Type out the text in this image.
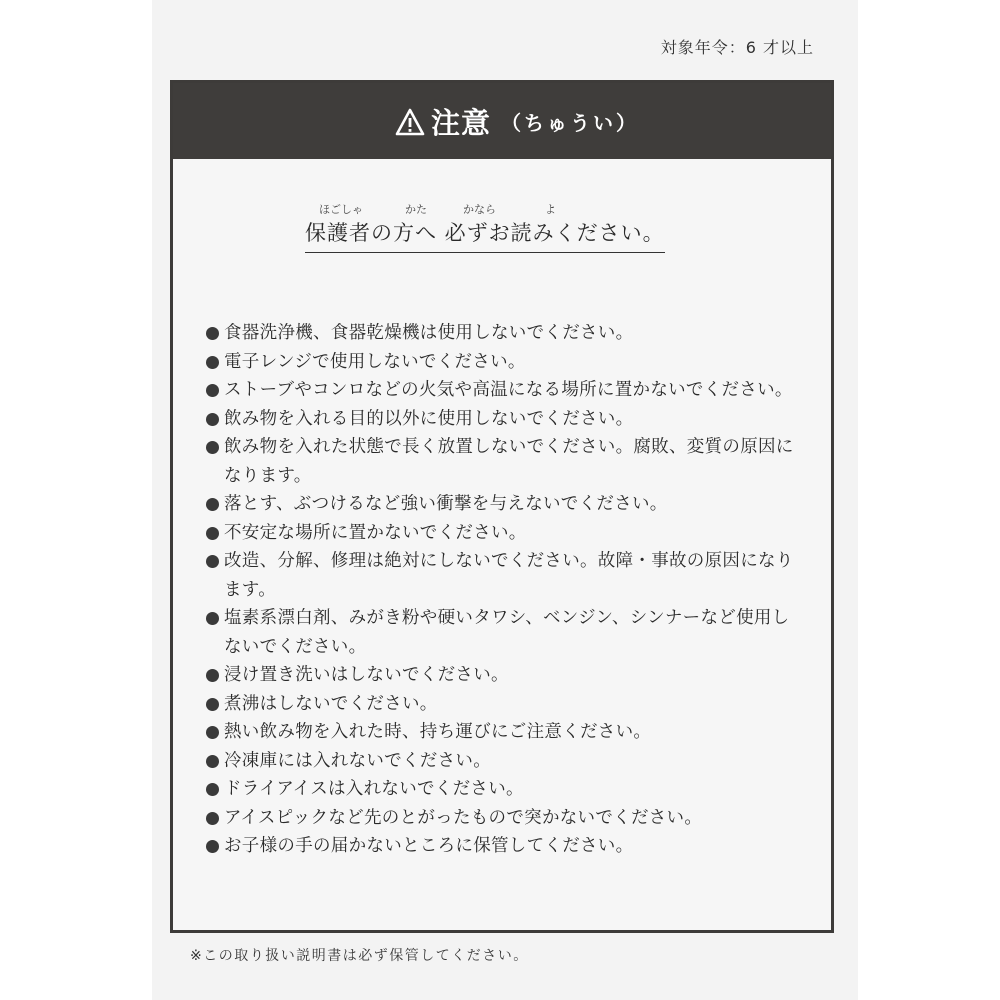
対象年令：6 才以上
注意 （ちゅうい）
ほごしゃ	かた	かなら	よ
保護者の方へ 必ずお読みください。
食器洗浄機、食器乾燥機は使用しないでください。
電子レンジで使用しないでください。
ストーブやコンロなどの火気や高温になる場所に置かないでください。
飲み物を入れる目的以外に使用しないでください。
飲み物を入れた状態で長く放置しないでください。腐敗、変質の原因になります。
落とす、ぶつけるなど強い衝撃を与えないでください。
不安定な場所に置かないでください。
改造、分解、修理は絶対にしないでください。故障・事故の原因になります。
塩素系漂白剤、みがき粉や硬いタワシ、ベンジン、シンナーなど使用しないでください。
浸け置き洗いはしないでください。
煮沸はしないでください。
熱い飲み物を入れた時、持ち運びにご注意ください。
冷凍庫には入れないでください。
ドライアイスは入れないでください。
アイスピックなど先のとがったもので突かないでください。
お子様の手の届かないところに保管してください。
※この取り扱い説明書は必ず保管してください。
